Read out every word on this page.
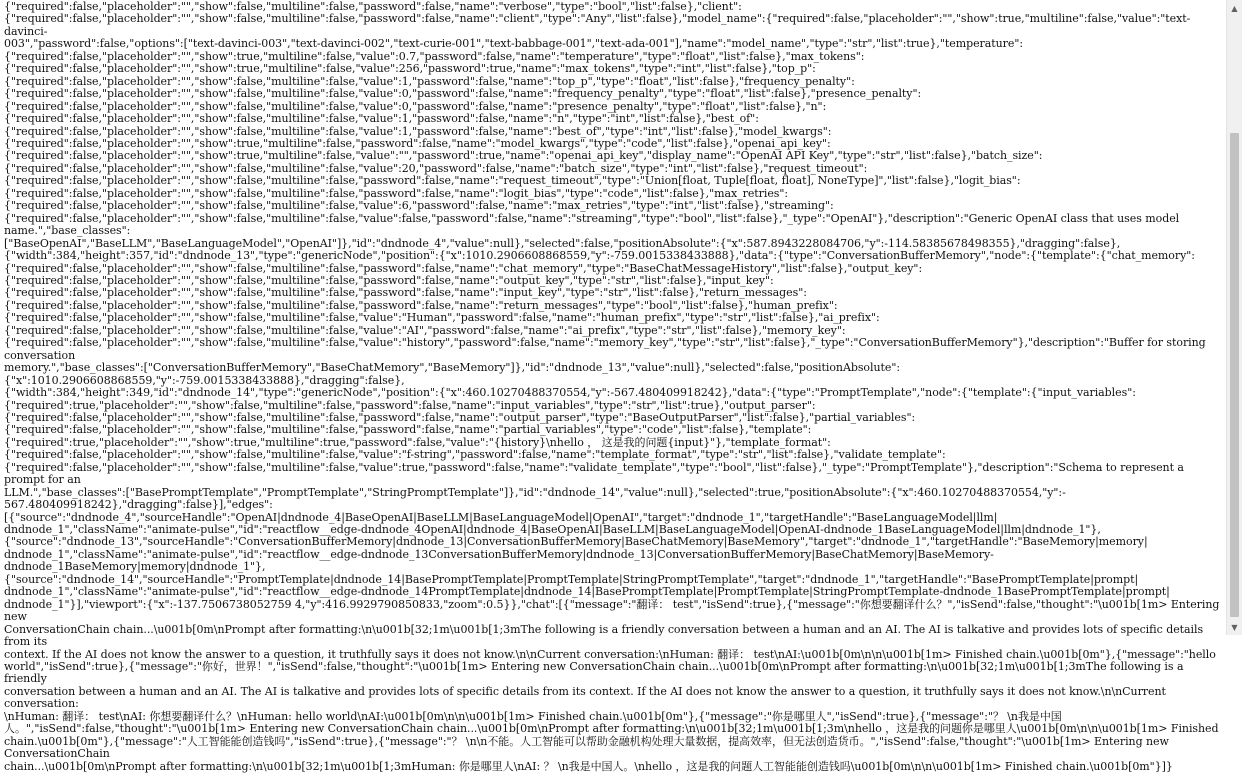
{"required":false,"placeholder":"","show":false,"multiline":false,"password":false,"name":"verbose","type":"bool","list":false},"client":
{"required":false,"placeholder":"","show":false,"multiline":false,"password":false,"name":"client","type":"Any","list":false},"model_name":{"required":false,"placeholder":"","show":true,"multiline":false,"value":"text-davinci-
003","password":false,"options":["text-davinci-003","text-davinci-002","text-curie-001","text-babbage-001","text-ada-001"],"name":"model_name","type":"str","list":true},"temperature":
{"required":false,"placeholder":"","show":true,"multiline":false,"value":0.7,"password":false,"name":"temperature","type":"float","list":false},"max_tokens":
{"required":false,"placeholder":"","show":true,"multiline":false,"value":256,"password":true,"name":"max_tokens","type":"int","list":false},"top_p":
{"required":false,"placeholder":"","show":false,"multiline":false,"value":1,"password":false,"name":"top_p","type":"float","list":false},"frequency_penalty":
{"required":false,"placeholder":"","show":false,"multiline":false,"value":0,"password":false,"name":"frequency_penalty","type":"float","list":false},"presence_penalty":
{"required":false,"placeholder":"","show":false,"multiline":false,"value":0,"password":false,"name":"presence_penalty","type":"float","list":false},"n":
{"required":false,"placeholder":"","show":false,"multiline":false,"value":1,"password":false,"name":"n","type":"int","list":false},"best_of":
{"required":false,"placeholder":"","show":false,"multiline":false,"value":1,"password":false,"name":"best_of","type":"int","list":false},"model_kwargs":
{"required":false,"placeholder":"","show":true,"multiline":false,"password":false,"name":"model_kwargs","type":"code","list":false},"openai_api_key":
{"required":false,"placeholder":"","show":true,"multiline":false,"value":"","password":true,"name":"openai_api_key","display_name":"OpenAI API Key","type":"str","list":false},"batch_size":
{"required":false,"placeholder":"","show":false,"multiline":false,"value":20,"password":false,"name":"batch_size","type":"int","list":false},"request_timeout":
{"required":false,"placeholder":"","show":false,"multiline":false,"password":false,"name":"request_timeout","type":"Union[float, Tuple[float, float], NoneType]","list":false},"logit_bias":
{"required":false,"placeholder":"","show":false,"multiline":false,"password":false,"name":"logit_bias","type":"code","list":false},"max_retries":
{"required":false,"placeholder":"","show":false,"multiline":false,"value":6,"password":false,"name":"max_retries","type":"int","list":false},"streaming":
{"required":false,"placeholder":"","show":false,"multiline":false,"value":false,"password":false,"name":"streaming","type":"bool","list":false},"_type":"OpenAI"},"description":"Generic OpenAI class that uses model name.","base_classes":
["BaseOpenAI","BaseLLM","BaseLanguageModel","OpenAI"]},"id":"dndnode_4","value":null},"selected":false,"positionAbsolute":{"x":587.8943228084706,"y":-114.58385678498355},"dragging":false},
{"width":384,"height":357,"id":"dndnode_13","type":"genericNode","position":{"x":1010.2906608868559,"y":-759.0015338433888},"data":{"type":"ConversationBufferMemory","node":{"template":{"chat_memory":
{"required":false,"placeholder":"","show":false,"multiline":false,"password":false,"name":"chat_memory","type":"BaseChatMessageHistory","list":false},"output_key":
{"required":false,"placeholder":"","show":false,"multiline":false,"password":false,"name":"output_key","type":"str","list":false},"input_key":
{"required":false,"placeholder":"","show":false,"multiline":false,"password":false,"name":"input_key","type":"str","list":false},"return_messages":
{"required":false,"placeholder":"","show":false,"multiline":false,"password":false,"name":"return_messages","type":"bool","list":false},"human_prefix":
{"required":false,"placeholder":"","show":false,"multiline":false,"value":"Human","password":false,"name":"human_prefix","type":"str","list":false},"ai_prefix":
{"required":false,"placeholder":"","show":false,"multiline":false,"value":"AI","password":false,"name":"ai_prefix","type":"str","list":false},"memory_key":
{"required":false,"placeholder":"","show":false,"multiline":false,"value":"history","password":false,"name":"memory_key","type":"str","list":false},"_type":"ConversationBufferMemory"},"description":"Buffer for storing conversation
memory.","base_classes":["ConversationBufferMemory","BaseChatMemory","BaseMemory"]},"id":"dndnode_13","value":null},"selected":false,"positionAbsolute":{"x":1010.2906608868559,"y":-759.0015338433888},"dragging":false},
{"width":384,"height":349,"id":"dndnode_14","type":"genericNode","position":{"x":460.10270488370554,"y":-567.480409918242},"data":{"type":"PromptTemplate","node":{"template":{"input_variables":
{"required":true,"placeholder":"","show":false,"multiline":false,"password":false,"name":"input_variables","type":"str","list":true},"output_parser":
{"required":false,"placeholder":"","show":false,"multiline":false,"password":false,"name":"output_parser","type":"BaseOutputParser","list":false},"partial_variables":
{"required":false,"placeholder":"","show":false,"multiline":false,"password":false,"name":"partial_variables","type":"code","list":false},"template":
{"required":true,"placeholder":"","show":true,"multiline":true,"password":false,"value":"{history}\nhello ， 这是我的问题{input}"},"template_format":
{"required":false,"placeholder":"","show":false,"multiline":false,"value":"f-string","password":false,"name":"template_format","type":"str","list":false},"validate_template":
{"required":false,"placeholder":"","show":false,"multiline":false,"value":true,"password":false,"name":"validate_template","type":"bool","list":false},"_type":"PromptTemplate"},"description":"Schema to represent a prompt for an
LLM.","base_classes":["BasePromptTemplate","PromptTemplate","StringPromptTemplate"]},"id":"dndnode_14","value":null},"selected":true,"positionAbsolute":{"x":460.10270488370554,"y":-
567.480409918242},"dragging":false}],"edges":[{"source":"dndnode_4","sourceHandle":"OpenAI|dndnode_4|BaseOpenAI|BaseLLM|BaseLanguageModel|OpenAI","target":"dndnode_1","targetHandle":"BaseLanguageModel|llm|
dndnode_1","className":"animate-pulse","id":"reactflow__edge-dndnode_4OpenAI|dndnode_4|BaseOpenAI|BaseLLM|BaseLanguageModel|OpenAI-dndnode_1BaseLanguageModel|llm|dndnode_1"},
{"source":"dndnode_13","sourceHandle":"ConversationBufferMemory|dndnode_13|ConversationBufferMemory|BaseChatMemory|BaseMemory","target":"dndnode_1","targetHandle":"BaseMemory|memory|
dndnode_1","className":"animate-pulse","id":"reactflow__edge-dndnode_13ConversationBufferMemory|dndnode_13|ConversationBufferMemory|BaseChatMemory|BaseMemory-dndnode_1BaseMemory|memory|dndnode_1"},
{"source":"dndnode_14","sourceHandle":"PromptTemplate|dndnode_14|BasePromptTemplate|PromptTemplate|StringPromptTemplate","target":"dndnode_1","targetHandle":"BasePromptTemplate|prompt|
dndnode_1","className":"animate-pulse","id":"reactflow__edge-dndnode_14PromptTemplate|dndnode_14|BasePromptTemplate|PromptTemplate|StringPromptTemplate-dndnode_1BasePromptTemplate|prompt|
dndnode_1"}],"viewport":{"x":-137.7506738052759 4,"y":416.9929790850833,"zoom":0.5}},"chat":[{"message":"翻译： test","isSend":true},{"message":"你想要翻译什么？","isSend":false,"thought":"\u001b[1m> Entering new
ConversationChain chain...\u001b[0m\nPrompt after formatting:\n\u001b[32;1m\u001b[1;3mThe following is a friendly conversation between a human and an AI. The AI is talkative and provides lots of specific details from its
context. If the AI does not know the answer to a question, it truthfully says it does not know.\n\nCurrent conversation:\nHuman: 翻译： test\nAI:\u001b[0m\n\n\u001b[1m> Finished chain.\u001b[0m"},{"message":"hello
world","isSend":true},{"message":"你好，世界！","isSend":false,"thought":"\u001b[1m> Entering new ConversationChain chain...\u001b[0m\nPrompt after formatting:\n\u001b[32;1m\u001b[1;3mThe following is a friendly
conversation between a human and an AI. The AI is talkative and provides lots of specific details from its context. If the AI does not know the answer to a question, it truthfully says it does not know.\n\nCurrent conversation:
\nHuman: 翻译： test\nAI: 你想要翻译什么？\nHuman: hello world\nAI:\u001b[0m\n\n\u001b[1m> Finished chain.\u001b[0m"},{"message":"你是哪里人","isSend":true},{"message":"？ \n我是中国
人。","isSend":false,"thought":"\u001b[1m> Entering new ConversationChain chain...\u001b[0m\nPrompt after formatting:\n\u001b[32;1m\u001b[1;3m\nhello ，这是我的问题你是哪里人\u001b[0m\n\n\u001b[1m> Finished
chain.\u001b[0m"},{"message":"人工智能能创造钱吗","isSend":true},{"message":"？ \n\n不能。人工智能可以帮助金融机构处理大量数据，提高效率，但无法创造货币。","isSend":false,"thought":"\u001b[1m> Entering new ConversationChain
chain...\u001b[0m\nPrompt after formatting:\n\u001b[32;1m\u001b[1;3mHuman: 你是哪里人\nAI: ？ \n我是中国人。\nhello ，这是我的问题人工智能能创造钱吗\u001b[0m\n\n\u001b[1m> Finished chain.\u001b[0m"}]}

▲
▼
